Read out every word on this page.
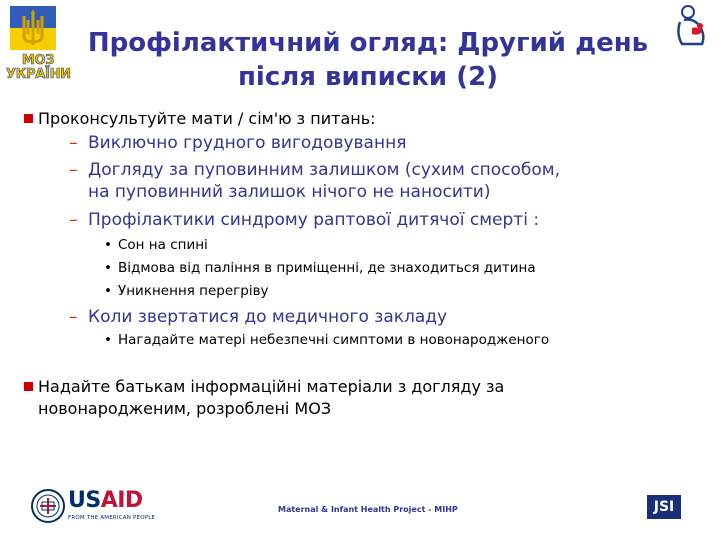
МОЗ
УКРАЇНИ
Профілактичний огляд: Другий день
після виписки (2)
Проконсультуйте мати / сім'ю з питань:
– Виключно грудного вигодовування
– Догляду за пуповинним залишком (сухим способом,
на пуповинний залишок нічого не наносити)
– Профілактики синдрому раптової дитячої смерті :
• Сон на спині
• Відмова від паління в приміщенні, де знаходиться дитина
• Уникнення перегріву
– Коли звертатися до медичного закладу
• Нагадайте матері небезпечні симптоми в новонародженого
Надайте батькам інформаційні матеріали з догляду за
новонародженим, розроблені МОЗ
USAID
FROM THE AMERICAN PEOPLE
Maternal & Infant Health Project - MIHP	JSI
